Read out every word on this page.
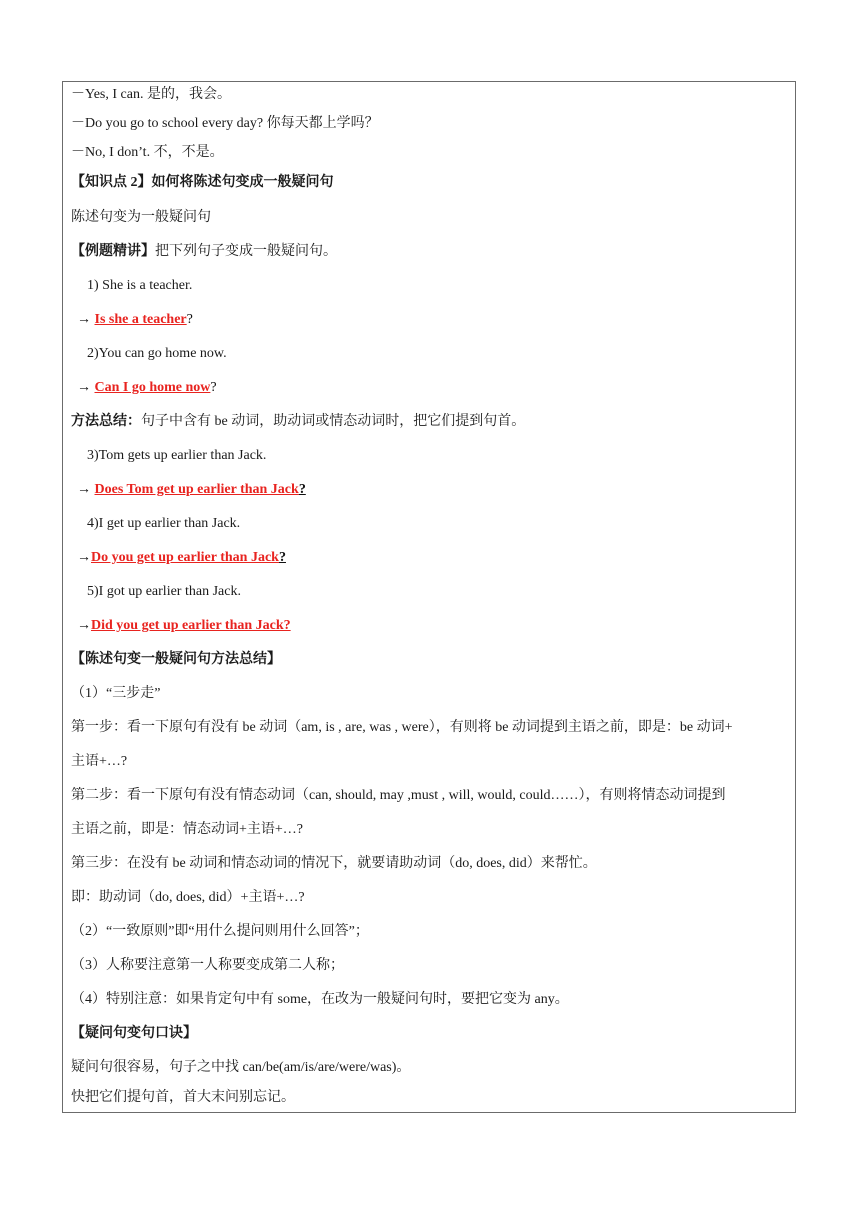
－Yes, I can. 是的，我会。
－Do you go to school every day? 你每天都上学吗？
－No, I don’t. 不，不是。
【知识点 2】如何将陈述句变成一般疑问句
陈述句变为一般疑问句
【例题精讲】把下列句子变成一般疑问句。
1) She is a teacher.
→ Is she a teacher?
2)You can go home now.
→ Can I go home now?
方法总结：句子中含有 be 动词，助动词或情态动词时，把它们提到句首。
3)Tom gets up earlier than Jack.
→ Does Tom get up earlier than Jack?
4)I get up earlier than Jack.
→Do you get up earlier than Jack?
5)I got up earlier than Jack.
→Did you get up earlier than Jack?
【陈述句变一般疑问句方法总结】
（1）“三步走”
第一步：看一下原句有没有 be 动词（am, is , are, was , were），有则将 be 动词提到主语之前，即是：be 动词+
主语+…?
第二步：看一下原句有没有情态动词（can, should, may ,must , will, would, could……），有则将情态动词提到
主语之前，即是：情态动词+主语+…?
第三步：在没有 be 动词和情态动词的情况下，就要请助动词（do, does, did）来帮忙。
即：助动词（do, does, did）+主语+…?
（2）“一致原则”即“用什么提问则用什么回答”；
（3）人称要注意第一人称要变成第二人称；
（4）特别注意：如果肯定句中有 some，在改为一般疑问句时，要把它变为 any。
【疑问句变句口诀】
疑问句很容易，句子之中找 can/be(am/is/are/were/was)。
快把它们提句首，首大末问别忘记。
